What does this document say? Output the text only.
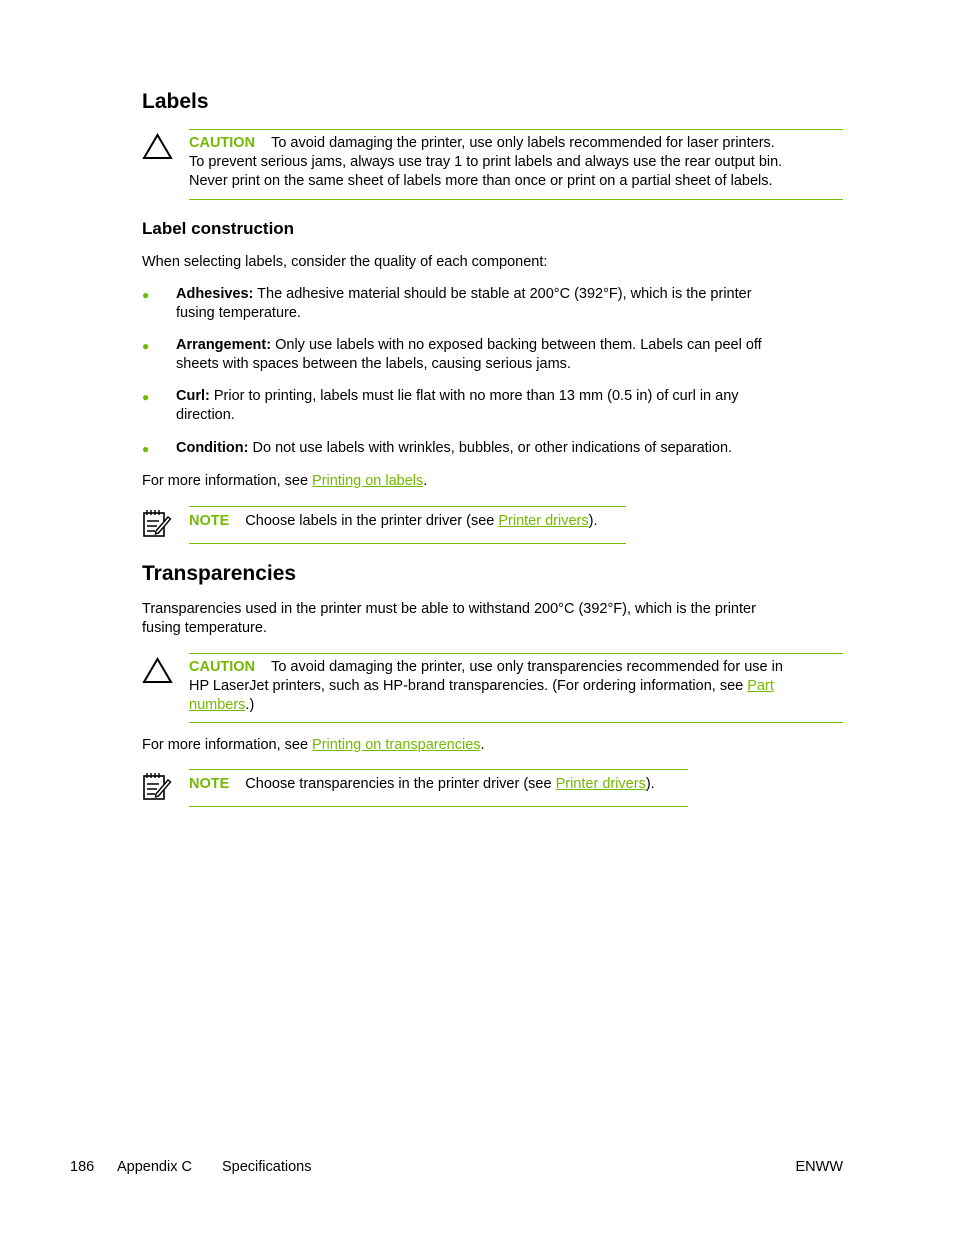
Labels
CAUTION To avoid damaging the printer, use only labels recommended for laser printers.
To prevent serious jams, always use tray 1 to print labels and always use the rear output bin.
Never print on the same sheet of labels more than once or print on a partial sheet of labels.
Label construction
When selecting labels, consider the quality of each component:
● Adhesives: The adhesive material should be stable at 200°C (392°F), which is the printer
fusing temperature.
● Arrangement: Only use labels with no exposed backing between them. Labels can peel off
sheets with spaces between the labels, causing serious jams.
● Curl: Prior to printing, labels must lie flat with no more than 13 mm (0.5 in) of curl in any
direction.
● Condition: Do not use labels with wrinkles, bubbles, or other indications of separation.
For more information, see Printing on labels.
NOTE Choose labels in the printer driver (see Printer drivers).
Transparencies
Transparencies used in the printer must be able to withstand 200°C (392°F), which is the printer
fusing temperature.
CAUTION To avoid damaging the printer, use only transparencies recommended for use in
HP LaserJet printers, such as HP-brand transparencies. (For ordering information, see Part
numbers.)
For more information, see Printing on transparencies.
NOTE Choose transparencies in the printer driver (see Printer drivers).
186 Appendix C Specifications	ENWW
